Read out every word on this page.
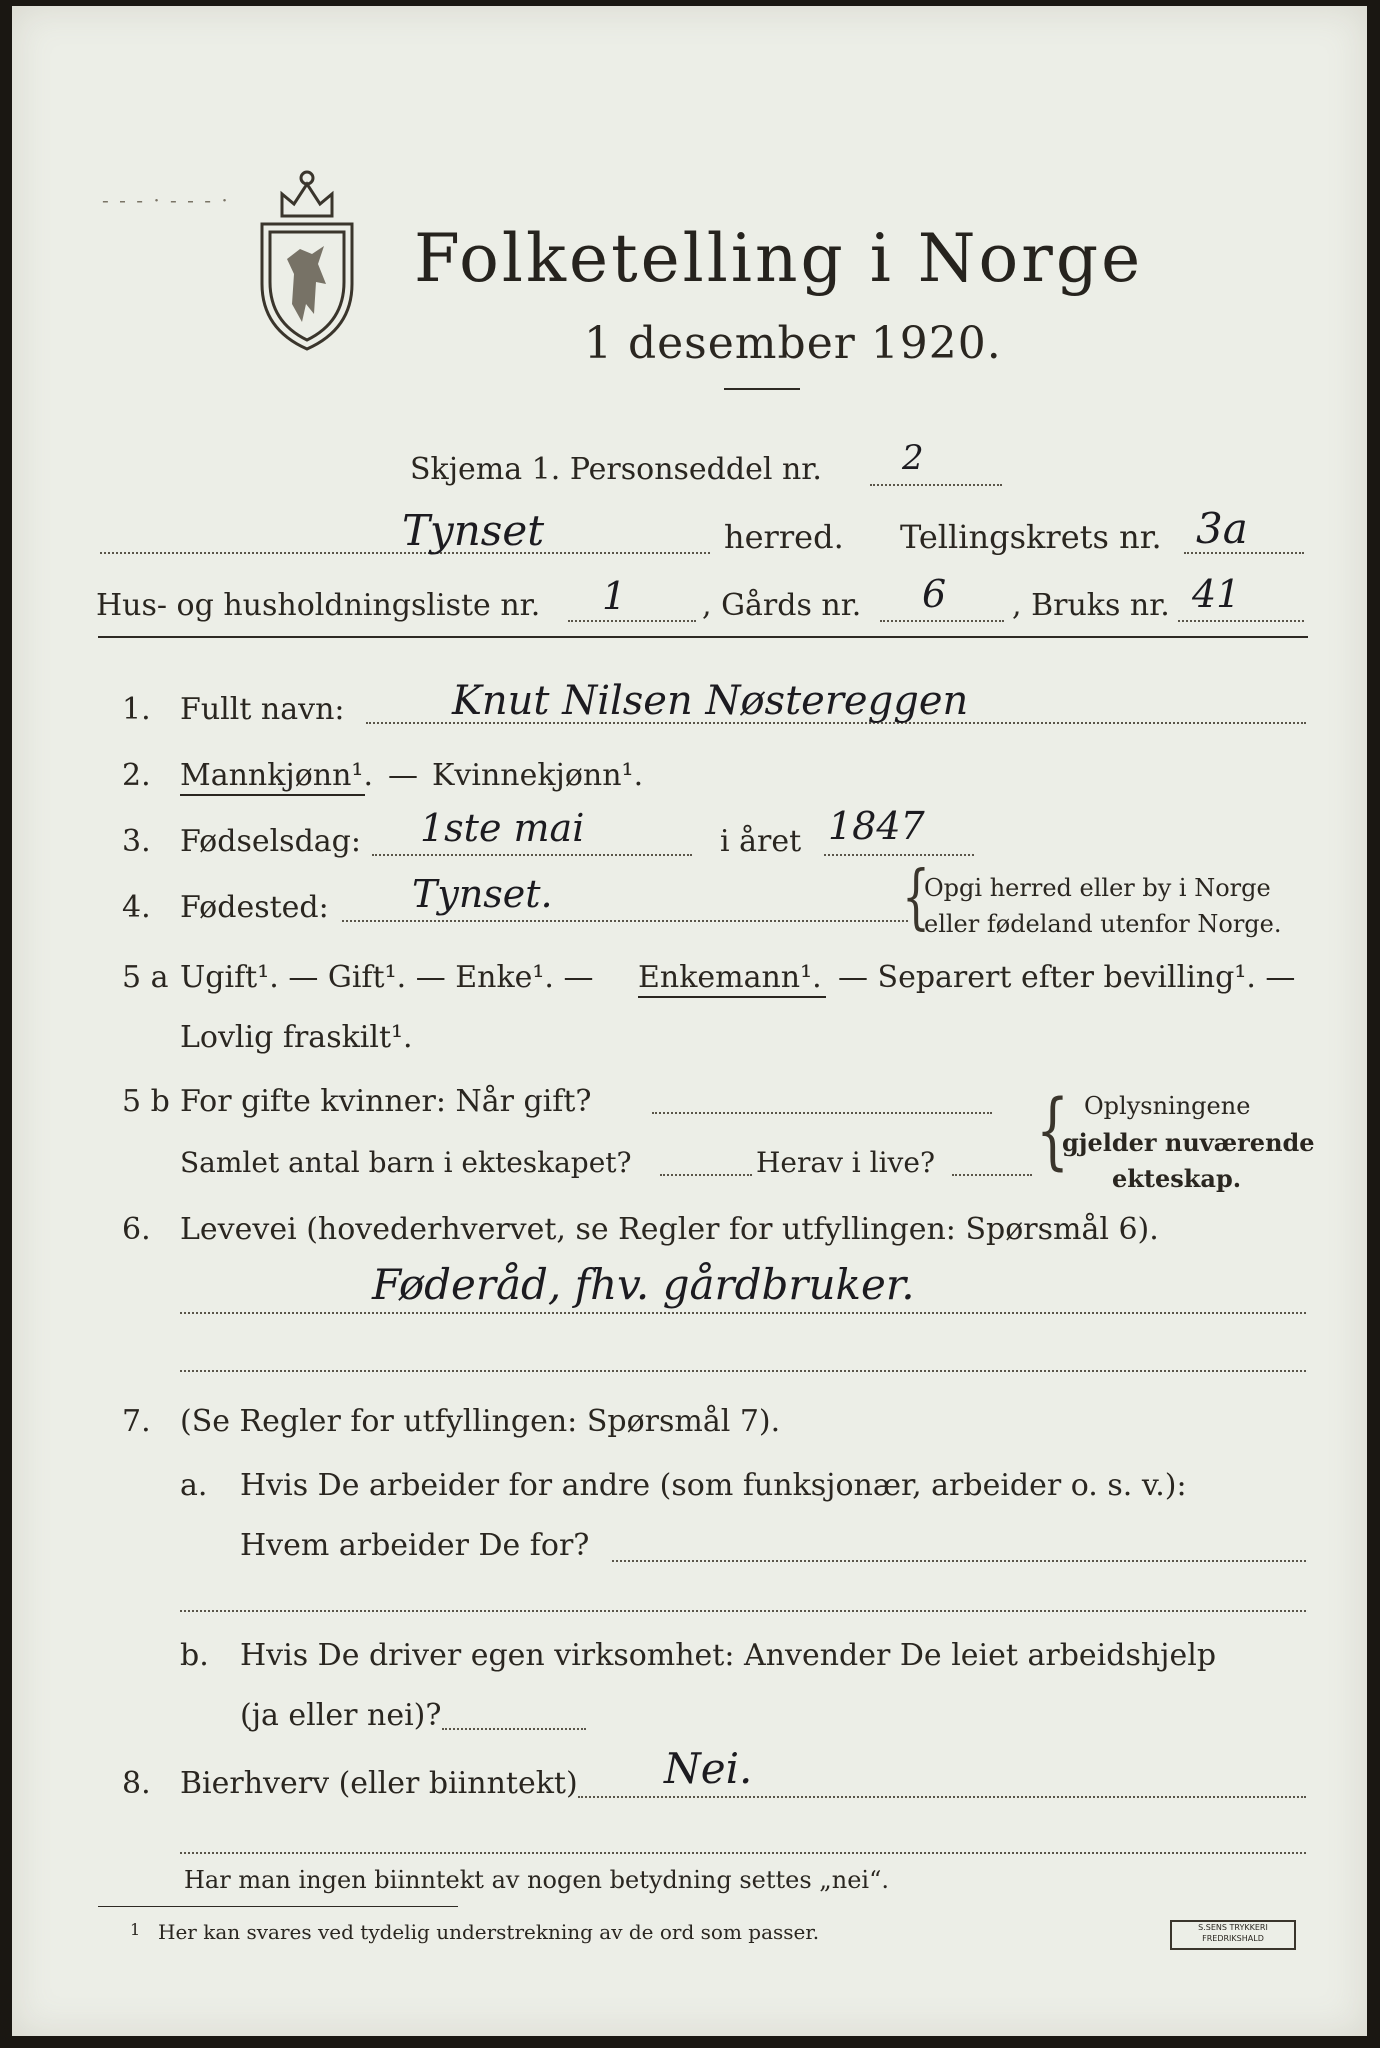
- - - · - - - ·
Folketelling i Norge
1 desember 1920.
Skjema 1. Personseddel nr. 2
Tynset	herred. Tellingskrets nr. 3a
Hus- og husholdningsliste nr. 1	, Gårds nr. 6 , Bruks nr. 41
1. Fullt navn:	Knut Nilsen Nøstereggen
2. Mannkjønn¹. — Kvinnekjønn¹.
3. Fødselsdag: 1ste mai	i året 1847
4. Fødested: Tynset.	{
Opgi herred eller by i Norge
eller fødeland utenfor Norge.
5 a Ugift¹. — Gift¹. — Enke¹. — Enkemann¹. — Separert efter bevilling¹. —
Lovlig fraskilt¹.
5 b For gifte kvinner: Når gift?
Samlet antal barn i ekteskapet?	Herav i live? { Oplysningene
gjelder nuværende
ekteskap.
6. Levevei (hovederhvervet, se Regler for utfyllingen: Spørsmål 6).
Føderåd, fhv. gårdbruker.
7. (Se Regler for utfyllingen: Spørsmål 7).
a. Hvis De arbeider for andre (som funksjonær, arbeider o. s. v.):
Hvem arbeider De for?
b. Hvis De driver egen virksomhet: Anvender De leiet arbeidshjelp
(ja eller nei)?
8. Bierhverv (eller biinntekt) Nei.
Har man ingen biinntekt av nogen betydning settes „nei“.
1 Her kan svares ved tydelig understrekning av de ord som passer.	S.SENS TRYKKERI FREDRIKSHALD
